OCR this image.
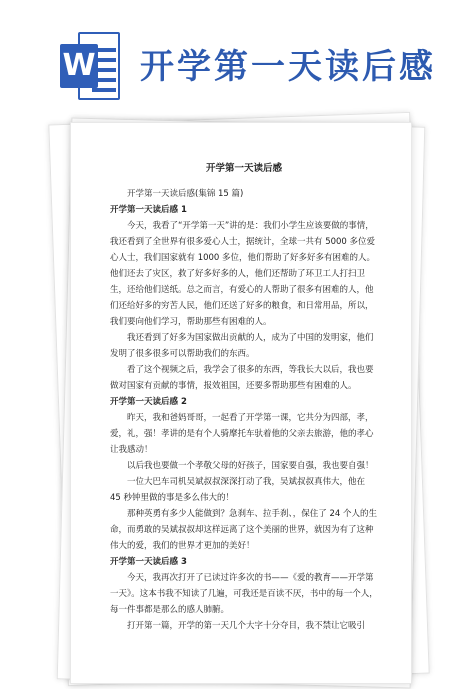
W 开学第一天读后感
开学第一天读后感

开学第一天读后感(集锦 15 篇)

开学第一天读后感 1

今天，我看了“开学第一天”讲的是：我们小学生应该要做的事情，我还看到了全世界有很多爱心人士，据统计，全球一共有 5000 多位爱心人士，我们国家就有 1000 多位，他们帮助了好多好多有困难的人。他们还去了灾区，救了好多好多的人，他们还帮助了环卫工人打扫卫生，还给他们送纸。总之而言，有爱心的人帮助了很多有困难的人，他们还给好多的穷苦人民，他们还送了好多的粮食，和日常用品，所以，我们要向他们学习，帮助那些有困难的人。

我还看到了好多为国家做出贡献的人，成为了中国的发明家，他们发明了很多很多可以帮助我们的东西。

看了这个视频之后，我学会了很多的东西，等我长大以后，我也要做对国家有贡献的事情，报效祖国，还要多帮助那些有困难的人。

开学第一天读后感 2

昨天，我和爸妈哥哥，一起看了开学第一课，它共分为四部，孝，爱，礼，强！孝讲的是有个人骑摩托车驮着他的父亲去旅游，他的孝心让我感动！

以后我也要做一个孝敬父母的好孩子，国家要自强，我也要自强！

一位大巴车司机吴斌叔叔深深打动了我，吴斌叔叔真伟大，他在 45 秒钟里做的事是多么伟大的！

那种英勇有多少人能做到？急刹车、拉手刹、，保住了 24 个人的生命，而勇敢的吴斌叔叔却这样远离了这个美丽的世界，就因为有了这种伟大的爱，我们的世界才更加的美好！

开学第一天读后感 3

今天，我再次打开了已读过许多次的书——《爱的教育——开学第一天》。这本书我不知读了几遍，可我还是百读不厌，书中的每一个人，每一件事都是那么的感人肺腑。

打开第一篇，开学的第一天几个大字十分夺目，我不禁让它吸引
